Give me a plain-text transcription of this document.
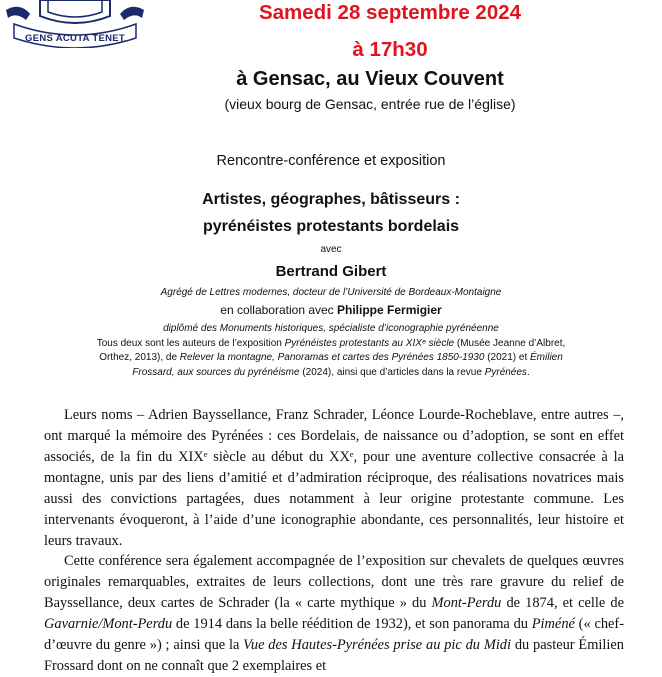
GENS ACUTA TENET
Samedi 28 septembre 2024
à 17h30
à Gensac, au Vieux Couvent
(vieux bourg de Gensac, entrée rue de l’église)
Rencontre-conférence et exposition
Artistes, géographes, bâtisseurs :
pyrénéistes protestants bordelais
avec
Bertrand Gibert
Agrégé de Lettres modernes, docteur de l’Université de Bordeaux-Montaigne
en collaboration avec Philippe Fermigier
diplômé des Monuments historiques, spécialiste d’iconographie pyrénéenne
Tous deux sont les auteurs de l’exposition Pyrénéistes protestants au XIXᵉ siècle (Musée Jeanne d’Albret, Orthez, 2013), de Relever la montagne, Panoramas et cartes des Pyrénées 1850-1930 (2021) et Émilien Frossard, aux sources du pyrénéisme (2024), ainsi que d’articles dans la revue Pyrénées.

Leurs noms – Adrien Bayssellance, Franz Schrader, Léonce Lourde-Rocheblave, entre autres –, ont marqué la mémoire des Pyrénées : ces Bordelais, de naissance ou d’adoption, se sont en effet associés, de la fin du XIXᵉ siècle au début du XXᵉ, pour une aventure collective consacrée à la montagne, unis par des liens d’amitié et d’admiration réciproque, des réalisations novatrices mais aussi des convictions partagées, dues notamment à leur origine protestante commune. Les intervenants évoqueront, à l’aide d’une iconographie abondante, ces personnalités, leur histoire et leurs travaux.

Cette conférence sera également accompagnée de l’exposition sur chevalets de quelques œuvres originales remarquables, extraites de leurs collections, dont une très rare gravure du relief de Bayssellance, deux cartes de Schrader (la « carte mythique » du Mont-Perdu de 1874, et celle de Gavarnie/Mont-Perdu de 1914 dans la belle réédition de 1932), et son panorama du Piméné (« chef-d’œuvre du genre ») ; ainsi que la Vue des Hautes-Pyrénées prise au pic du Midi du pasteur Émilien Frossard dont on ne connaît que 2 exemplaires et
